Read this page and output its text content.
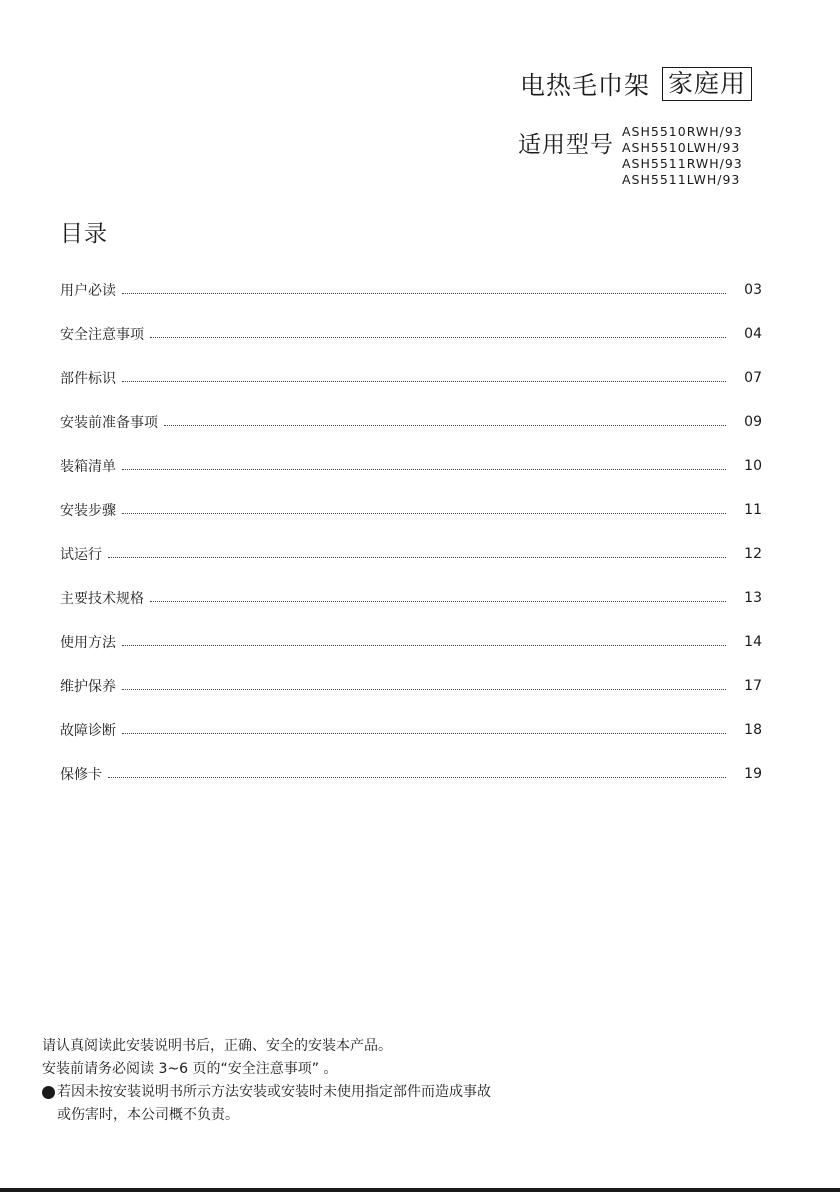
电热毛巾架 家庭用
适用型号
ASH5510RWH/93
ASH5510LWH/93
ASH5511RWH/93
ASH5511LWH/93
目录
用户必读	03
安全注意事项	04
部件标识	07
安装前准备事项	09
装箱清单	10
安装步骤	11
试运行	12
主要技术规格	13
使用方法	14
维护保养	17
故障诊断	18
保修卡	19

请认真阅读此安装说明书后，正确、安全的安装本产品。

安装前请务必阅读 3~6 页的“安全注意事项” 。

若因未按安装说明书所示方法安装或安装时未使用指定部件而造成事故

或伤害时，本公司概不负责。
